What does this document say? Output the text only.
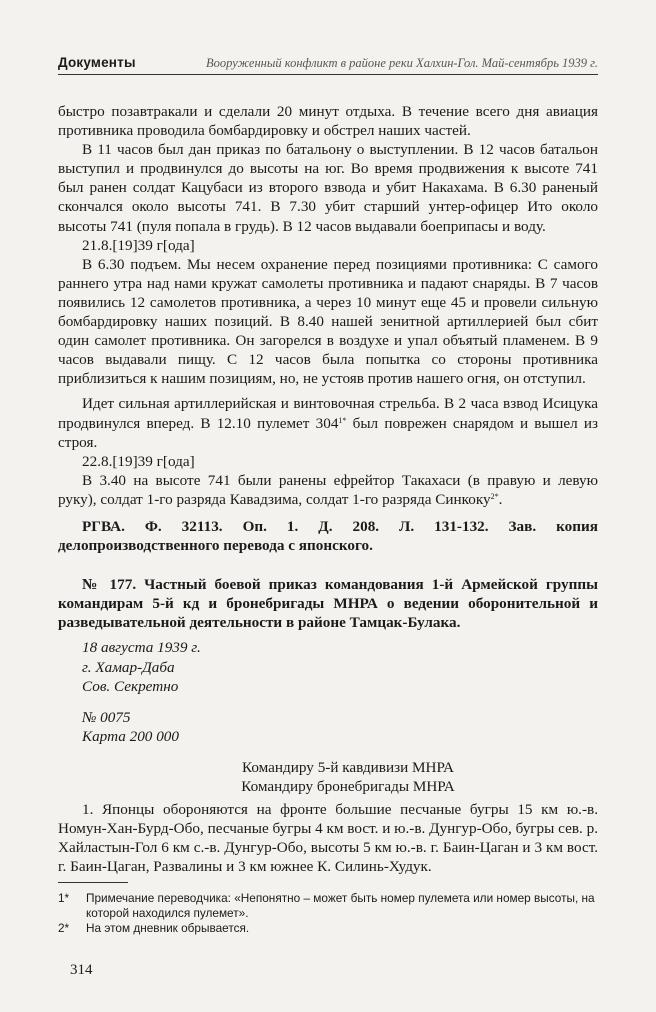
Документы	Вооруженный конфликт в районе реки Халхин-Гол. Май-сентябрь 1939 г.

быстро позавтракали и сделали 20 минут отдыха. В течение всего дня авиация противника проводила бомбардировку и обстрел наших частей.

В 11 часов был дан приказ по батальону о выступлении. В 12 часов батальон выступил и продвинулся до высоты на юг. Во время продвижения к высоте 741 был ранен солдат Кацубаси из второго взвода и убит Накахама. В 6.30 раненый скончался около высоты 741. В 7.30 убит старший унтер-офицер Ито около высоты 741 (пуля попала в грудь). В 12 часов выдавали боеприпасы и воду.

21.8.[19]39 г[ода]

В 6.30 подъем. Мы несем охранение перед позициями противника: С самого раннего утра над нами кружат самолеты противника и падают снаряды. В 7 часов появились 12 самолетов противника, а через 10 минут еще 45 и провели сильную бомбардировку наших позиций. В 8.40 нашей зенитной артиллерией был сбит один самолет противника. Он загорелся в воздухе и упал объятый пламенем. В 9 часов выдавали пищу. С 12 часов была попытка со стороны противника приблизиться к нашим позициям, но, не устояв против нашего огня, он отступил.

Идет сильная артиллерийская и винтовочная стрельба. В 2 часа взвод Исицука продвинулся вперед. В 12.10 пулемет $304^{1*}$ был поврежен снарядом и вышел из строя.

22.8.[19]39 г[ода]

В 3.40 на высоте 741 были ранены ефрейтор Такахаси (в правую и левую руку), солдат 1-го разряда Кавадзима, солдат 1-го разряда Синкоку$^{2*}$.

РГВА. Ф. 32113. Оп. 1. Д. 208. Л. 131-132. Зав. копия делопроизводственного перевода с японского.

№ 177. Частный боевой приказ командования 1-й Армейской группы командирам 5-й кд и бронебригады МНРА о ведении оборонительной и разведывательной деятельности в районе Тамцак-Булака.

18 августа 1939 г.

г. Хамар-Даба

Сов. Секретно

№ 0075

Карта 200 000

Командиру 5-й кавдивизи МНРА

Командиру бронебригады МНРА

1. Японцы обороняются на фронте большие песчаные бугры 15 км ю.-в. Номун-Хан-Бурд-Обо, песчаные бугры 4 км вост. и ю.-в. Дунгур-Обо, бугры сев. р. Хайластын-Гол 6 км с.-в. Дунгур-Обо, высоты 5 км ю.-в. г. Баин-Цаган и 3 км вост. г. Баин-Цаган, Развалины и 3 км южнее К. Силинь-Худук.

1* Примечание переводчика: «Непонятно – может быть номер пулемета или номер высоты, на которой находился пулемет».
2* На этом дневник обрывается.
314
